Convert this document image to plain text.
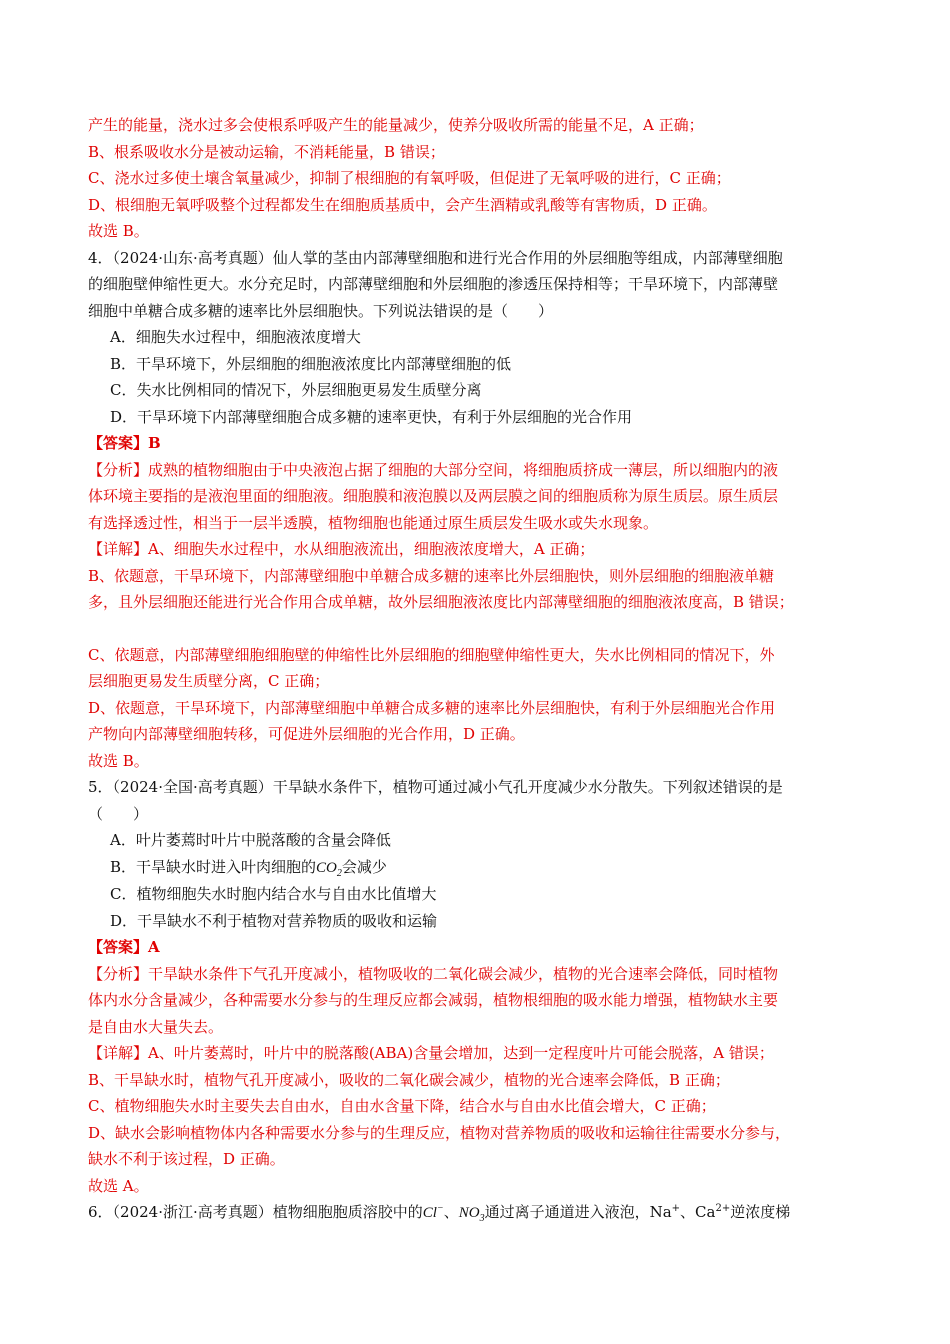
产生的能量，浇水过多会使根系呼吸产生的能量减少，使养分吸收所需的能量不足，A 正确；
B、根系吸收水分是被动运输，不消耗能量，B 错误；
C、浇水过多使土壤含氧量减少，抑制了根细胞的有氧呼吸，但促进了无氧呼吸的进行，C 正确；
D、根细胞无氧呼吸整个过程都发生在细胞质基质中，会产生酒精或乳酸等有害物质，D 正确。
故选 B。
4．（2024·山东·高考真题）仙人掌的茎由内部薄壁细胞和进行光合作用的外层细胞等组成，内部薄壁细胞
的细胞壁伸缩性更大。水分充足时，内部薄壁细胞和外层细胞的渗透压保持相等；干旱环境下，内部薄壁
细胞中单糖合成多糖的速率比外层细胞快。下列说法错误的是（　　）
A．细胞失水过程中，细胞液浓度增大
B．干旱环境下，外层细胞的细胞液浓度比内部薄壁细胞的低
C．失水比例相同的情况下，外层细胞更易发生质壁分离
D．干旱环境下内部薄壁细胞合成多糖的速率更快，有利于外层细胞的光合作用
【答案】B
【分析】成熟的植物细胞由于中央液泡占据了细胞的大部分空间，将细胞质挤成一薄层，所以细胞内的液
体环境主要指的是液泡里面的细胞液。细胞膜和液泡膜以及两层膜之间的细胞质称为原生质层。原生质层
有选择透过性，相当于一层半透膜，植物细胞也能通过原生质层发生吸水或失水现象。
【详解】A、细胞失水过程中，水从细胞液流出，细胞液浓度增大，A 正确；
B、依题意，干旱环境下，内部薄壁细胞中单糖合成多糖的速率比外层细胞快，则外层细胞的细胞液单糖
多，且外层细胞还能进行光合作用合成单糖，故外层细胞液浓度比内部薄壁细胞的细胞液浓度高，B 错误；
C、依题意，内部薄壁细胞细胞壁的伸缩性比外层细胞的细胞壁伸缩性更大，失水比例相同的情况下，外
层细胞更易发生质壁分离，C 正确；
D、依题意，干旱环境下，内部薄壁细胞中单糖合成多糖的速率比外层细胞快，有利于外层细胞光合作用
产物向内部薄壁细胞转移，可促进外层细胞的光合作用，D 正确。
故选 B。
5．（2024·全国·高考真题）干旱缺水条件下，植物可通过减小气孔开度减少水分散失。下列叙述错误的是
（　　）
A．叶片萎蔫时叶片中脱落酸的含量会降低
B．干旱缺水时进入叶肉细胞的$CO_2$会减少
C．植物细胞失水时胞内结合水与自由水比值增大
D．干旱缺水不利于植物对营养物质的吸收和运输
【答案】A
【分析】干旱缺水条件下气孔开度减小，植物吸收的二氧化碳会减少，植物的光合速率会降低，同时植物
体内水分含量减少，各种需要水分参与的生理反应都会减弱，植物根细胞的吸水能力增强，植物缺水主要
是自由水大量失去。
【详解】A、叶片萎蔫时，叶片中的脱落酸(ABA)含量会增加，达到一定程度叶片可能会脱落，A 错误；
B、干旱缺水时，植物气孔开度减小，吸收的二氧化碳会减少，植物的光合速率会降低，B 正确；
C、植物细胞失水时主要失去自由水，自由水含量下降，结合水与自由水比值会增大，C 正确；
D、缺水会影响植物体内各种需要水分参与的生理反应，植物对营养物质的吸收和运输往往需要水分参与，
缺水不利于该过程，D 正确。
故选 A。
6．（2024·浙江·高考真题）植物细胞胞质溶胶中的Cl−、$NO_3$通过离子通道进入液泡，Na+、$Ca^{2+}$逆浓度梯
